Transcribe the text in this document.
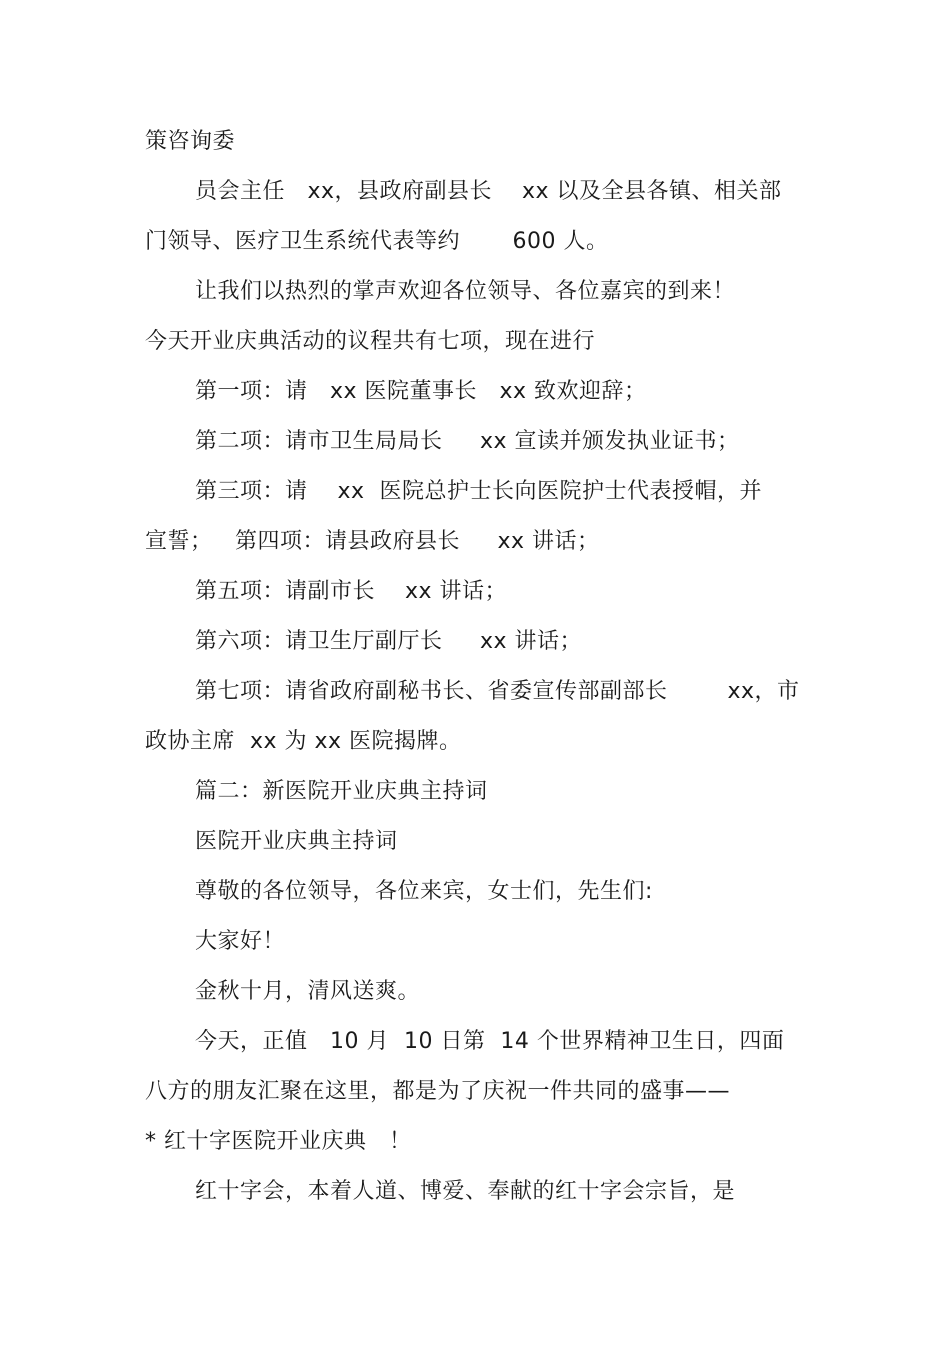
策咨询委
员会主任   xx，县政府副县长    xx 以及全县各镇、相关部
门领导、医疗卫生系统代表等约       600 人。
让我们以热烈的掌声欢迎各位领导、各位嘉宾的到来！
今天开业庆典活动的议程共有七项，现在进行
第一项：请   xx 医院董事长   xx 致欢迎辞；
第二项：请市卫生局局长     xx 宣读并颁发执业证书；
第三项：请    xx  医院总护士长向医院护士代表授帽，并
宣誓；   第四项：请县政府县长     xx 讲话；
第五项：请副市长    xx 讲话；
第六项：请卫生厅副厅长     xx 讲话；
第七项：请省政府副秘书长、省委宣传部副部长        xx，市
政协主席  xx 为 xx 医院揭牌。
篇二：新医院开业庆典主持词
医院开业庆典主持词
尊敬的各位领导，各位来宾，女士们，先生们:
大家好！
金秋十月，清风送爽。
今天，正值   10 月  10 日第  14 个世界精神卫生日，四面
八方的朋友汇聚在这里，都是为了庆祝一件共同的盛事——
* 红十字医院开业庆典   ！
红十字会，本着人道、博爱、奉献的红十字会宗旨，是
